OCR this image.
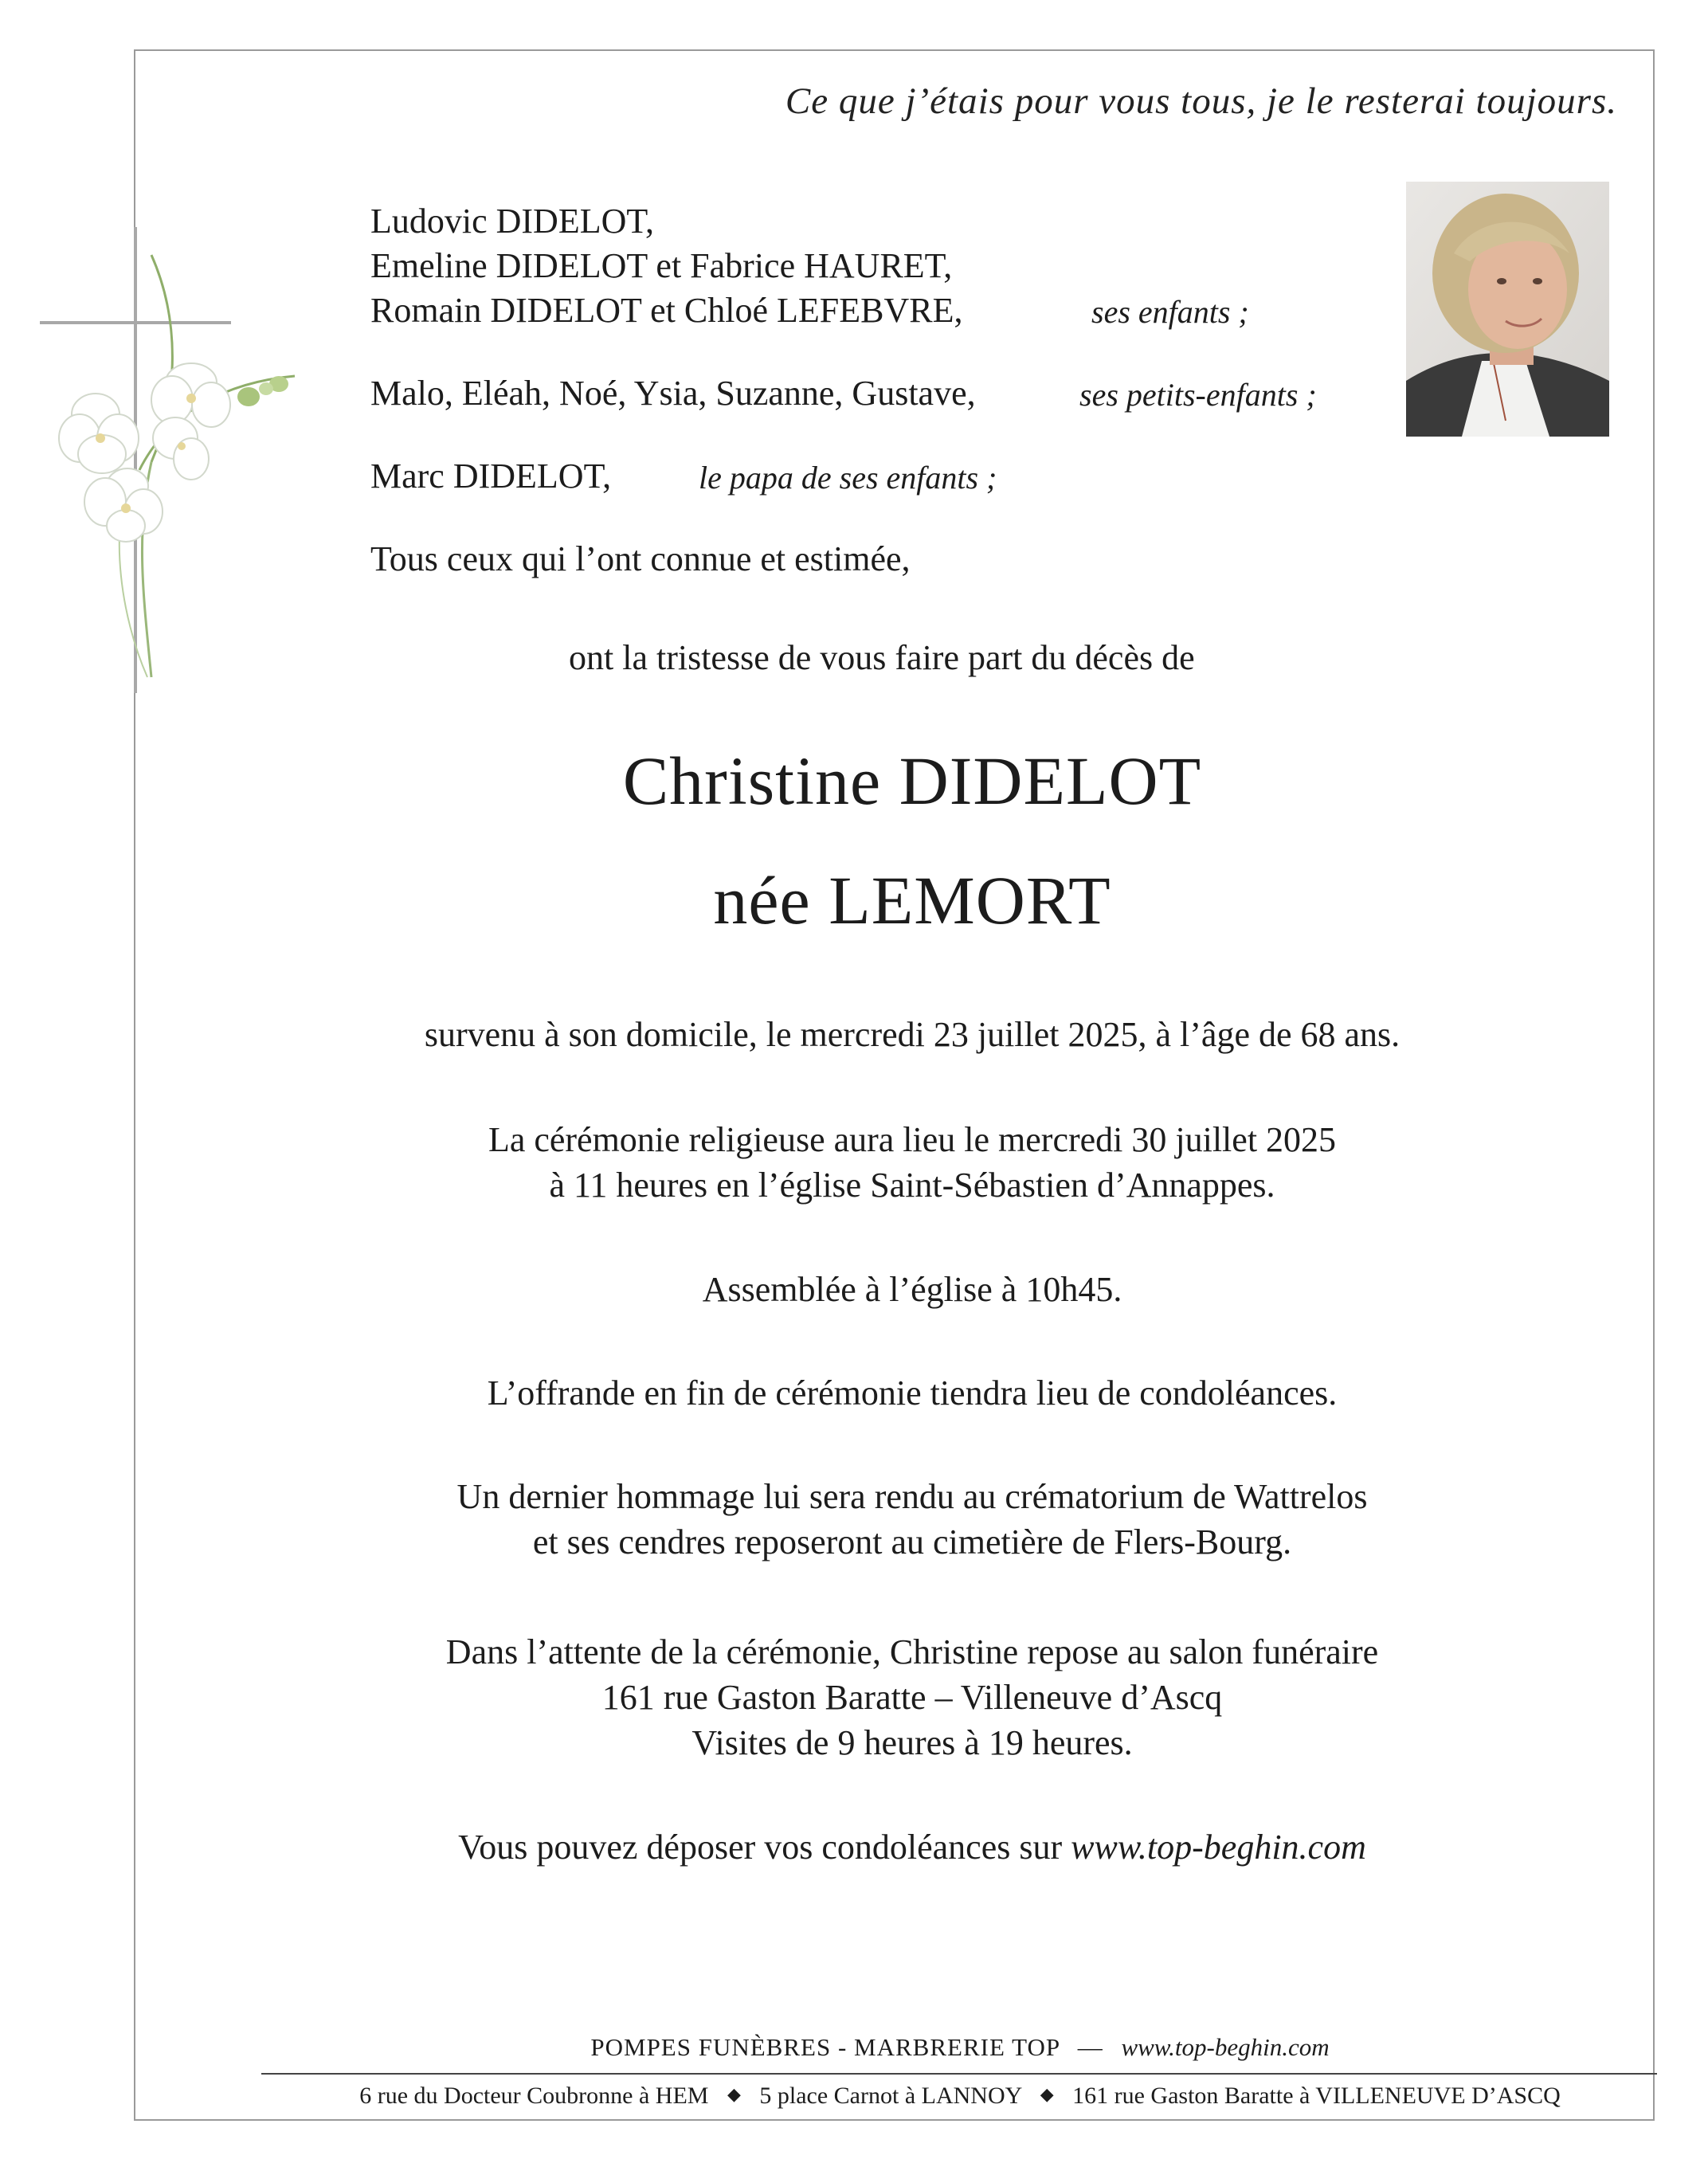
Ce que j’étais pour vous tous, je le resterai toujours.
Ludovic DIDELOT,
Emeline DIDELOT et Fabrice HAURET,
Romain DIDELOT et Chloé LEFEBVRE,	ses enfants ;
Malo, Eléah, Noé, Ysia, Suzanne, Gustave,	ses petits-enfants ;
Marc DIDELOT,	le papa de ses enfants ;
Tous ceux qui l’ont connue et estimée,
ont la tristesse de vous faire part du décès de
Christine DIDELOT
née LEMORT
survenu à son domicile, le mercredi 23 juillet 2025, à l’âge de 68 ans.
La cérémonie religieuse aura lieu le mercredi 30 juillet 2025
à 11 heures en l’église Saint-Sébastien d’Annappes.
Assemblée à l’église à 10h45.
L’offrande en fin de cérémonie tiendra lieu de condoléances.
Un dernier hommage lui sera rendu au crématorium de Wattrelos
et ses cendres reposeront au cimetière de Flers-Bourg.
Dans l’attente de la cérémonie, Christine repose au salon funéraire
161 rue Gaston Baratte – Villeneuve d’Ascq
Visites de 9 heures à 19 heures.
Vous pouvez déposer vos condoléances sur www.top-beghin.com
POMPES FUNÈBRES - MARBRERIE TOP — www.top-beghin.com
6 rue du Docteur Coubronne à HEM ◆ 5 place Carnot à LANNOY ◆ 161 rue Gaston Baratte à VILLENEUVE D’ASCQ
